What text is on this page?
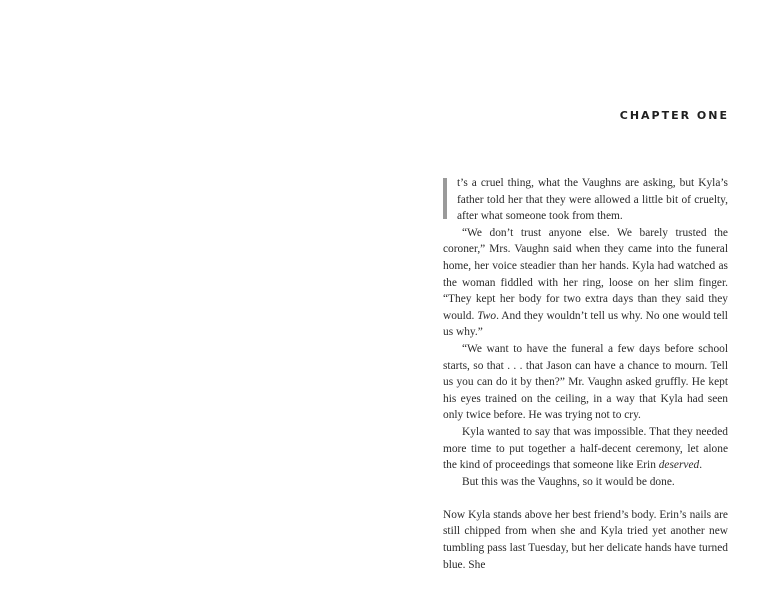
CHAPTER ONE

t’s a cruel thing, what the Vaughns are asking, but Kyla’s father told her that they were allowed a little bit of cruelty, after what someone took from them.

“We don’t trust anyone else. We barely trusted the coroner,” Mrs. Vaughn said when they came into the funeral home, her voice steadier than her hands. Kyla had watched as the woman fiddled with her ring, loose on her slim finger. “They kept her body for two extra days than they said they would. Two. And they wouldn’t tell us why. No one would tell us why.”

“We want to have the funeral a few days before school starts, so that . . . that Jason can have a chance to mourn. Tell us you can do it by then?” Mr. Vaughn asked gruffly. He kept his eyes trained on the ceiling, in a way that Kyla had seen only twice before. He was trying not to cry.

Kyla wanted to say that was impossible. That they needed more time to put together a half-decent ceremony, let alone the kind of proceedings that someone like Erin deserved.

But this was the Vaughns, so it would be done.

Now Kyla stands above her best friend’s body. Erin’s nails are still chipped from when she and Kyla tried yet another new tumbling pass last Tuesday, but her delicate hands have turned blue. She
